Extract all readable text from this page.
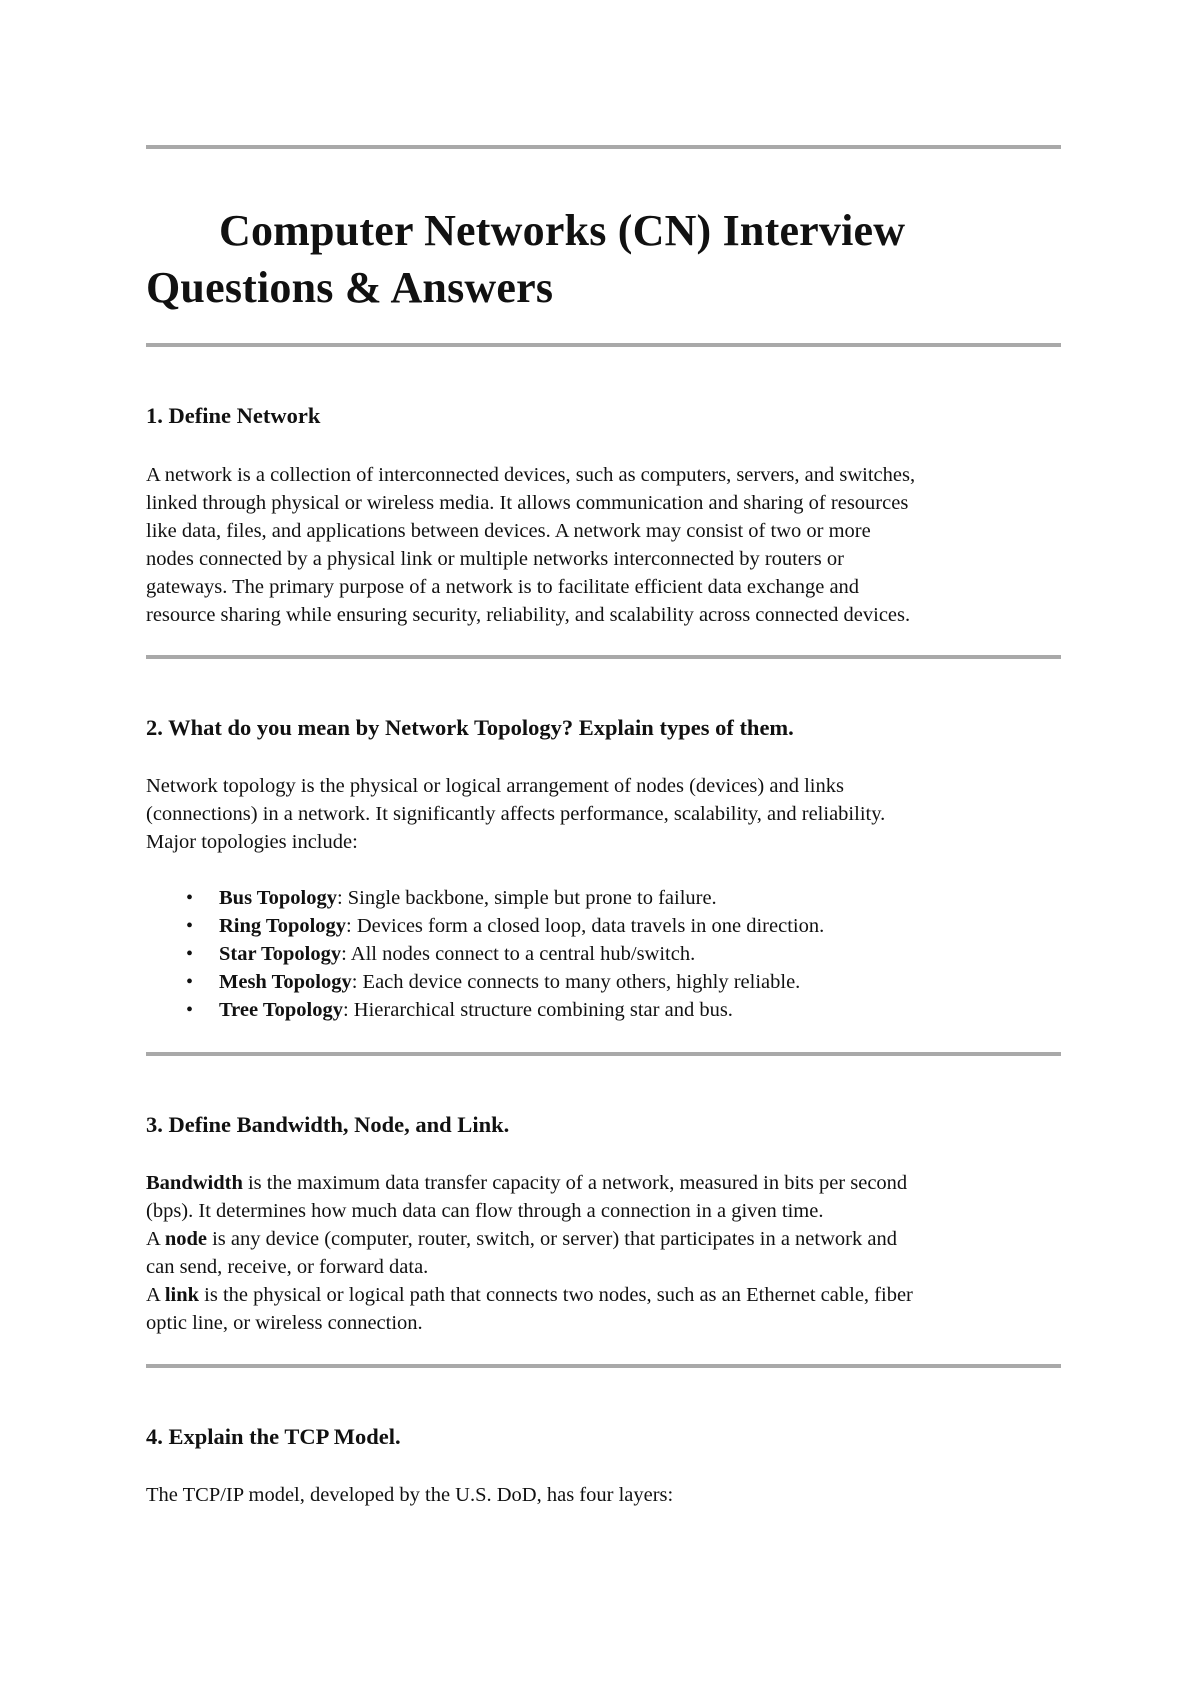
Computer Networks (CN) Interview Questions & Answers
1. Define Network
A network is a collection of interconnected devices, such as computers, servers, and switches,
linked through physical or wireless media. It allows communication and sharing of resources
like data, files, and applications between devices. A network may consist of two or more
nodes connected by a physical link or multiple networks interconnected by routers or
gateways. The primary purpose of a network is to facilitate efficient data exchange and
resource sharing while ensuring security, reliability, and scalability across connected devices.
2. What do you mean by Network Topology? Explain types of them.
Network topology is the physical or logical arrangement of nodes (devices) and links
(connections) in a network. It significantly affects performance, scalability, and reliability.
Major topologies include:
• Bus Topology: Single backbone, simple but prone to failure.
• Ring Topology: Devices form a closed loop, data travels in one direction.
• Star Topology: All nodes connect to a central hub/switch.
• Mesh Topology: Each device connects to many others, highly reliable.
• Tree Topology: Hierarchical structure combining star and bus.
3. Define Bandwidth, Node, and Link.
Bandwidth is the maximum data transfer capacity of a network, measured in bits per second
(bps). It determines how much data can flow through a connection in a given time.
A node is any device (computer, router, switch, or server) that participates in a network and
can send, receive, or forward data.
A link is the physical or logical path that connects two nodes, such as an Ethernet cable, fiber
optic line, or wireless connection.
4. Explain the TCP Model.
The TCP/IP model, developed by the U.S. DoD, has four layers:
